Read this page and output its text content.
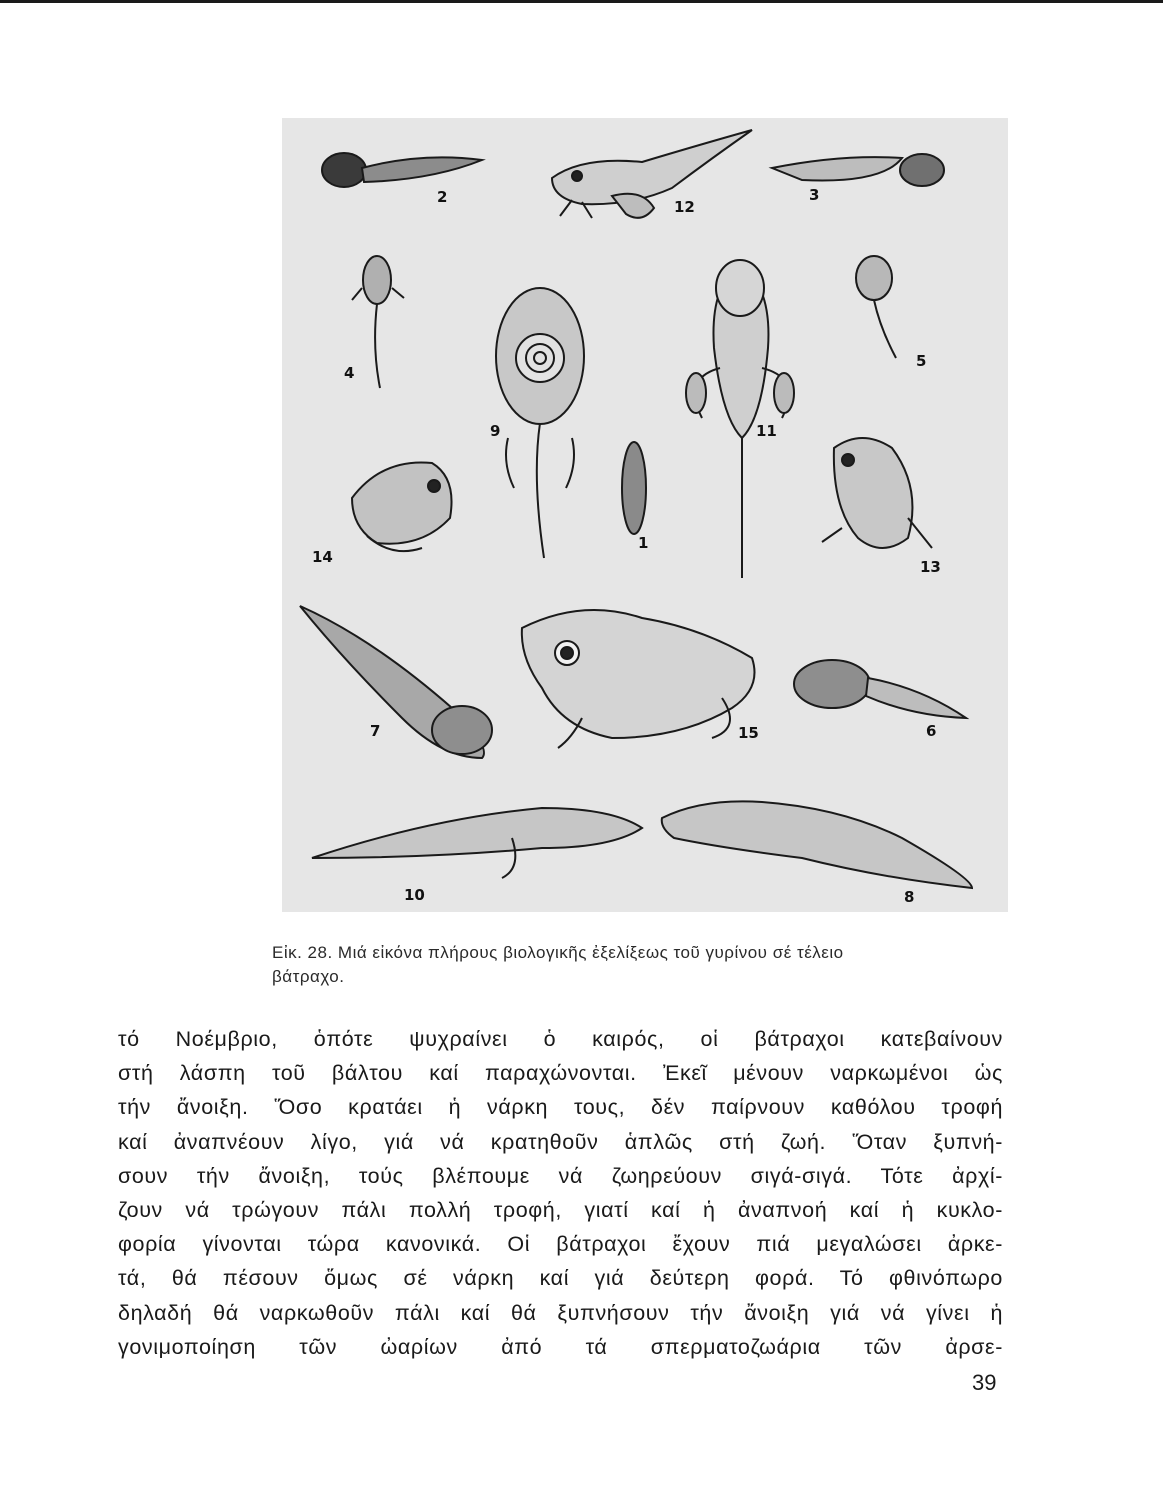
2
12
3
4
5
9	11
1
14
13
7	15	6
10	8
Εἰκ. 28. Μιά εἰκόνα πλήρους βιολογικῆς ἐξελίξεως τοῦ γυρίνου σέ τέλειο
βάτραχο.
τό Νοέμβριο, ὁπότε ψυχραίνει ὁ καιρός, οἱ βάτραχοι κατεβαίνουν
στή λάσπη τοῦ βάλτου καί παραχώνονται. Ἐκεῖ μένουν ναρκωμένοι ὡς
τήν ἄνοιξη. Ὅσο κρατάει ἡ νάρκη τους, δέν παίρνουν καθόλου τροφή
καί ἀναπνέουν λίγο, γιά νά κρατηθοῦν ἁπλῶς στή ζωή. Ὅταν ξυπνή-
σουν τήν ἄνοιξη, τούς βλέπουμε νά ζωηρεύουν σιγά-σιγά. Τότε ἀρχί-
ζουν νά τρώγουν πάλι πολλή τροφή, γιατί καί ἡ ἀναπνοή καί ἡ κυκλο-
φορία γίνονται τώρα κανονικά. Οἱ βάτραχοι ἔχουν πιά μεγαλώσει ἀρκε-
τά, θά πέσουν ὅμως σέ νάρκη καί γιά δεύτερη φορά. Τό φθινόπωρο
δηλαδή θά ναρκωθοῦν πάλι καί θά ξυπνήσουν τήν ἄνοιξη γιά νά γίνει ἡ
γονιμοποίηση τῶν ὠαρίων ἀπό τά σπερματοζωάρια τῶν ἀρσε-
39
